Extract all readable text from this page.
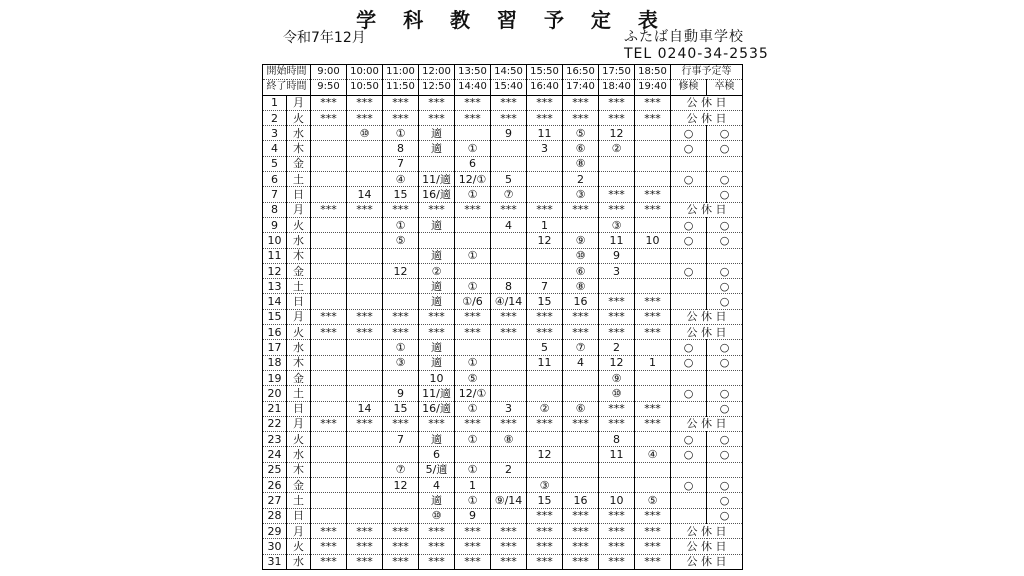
学 科 教 習 予 定 表
令和7年12月	ふたば自動車学校
TEL 0240-34-2535
開始時間		9:00	10:00	11:00	12:00	13:50	14:50	15:50	16:50	17:50	18:50	行事予定等	
終了時間		9:50	10:50	11:50	12:50	14:40	15:40	16:40	17:40	18:40	19:40	修検	卒検
1	月	***	***	***	***	***	***	***	***	***	***	公 休 日	
2	火	***	***	***	***	***	***	***	***	***	***	公 休 日	
3	水		⑩	①	適		9	11	⑤	12		○	○
4	木			8	適	①		3	⑥	②		○	○
5	金			7		6			⑧				
6	土			④	11/適	12/①	5		2			○	○
7	日		14	15	16/適	①	⑦		③	***	***		○
8	月	***	***	***	***	***	***	***	***	***	***	公 休 日	
9	火			①	適		4	1		③		○	○
10	水			⑤				12	⑨	11	10	○	○
11	木				適	①			⑩	9			
12	金			12	②				⑥	3		○	○
13	土				適	①	8	7	⑧				○
14	日				適	①/6	④/14	15	16	***	***		○
15	月	***	***	***	***	***	***	***	***	***	***	公 休 日	
16	火	***	***	***	***	***	***	***	***	***	***	公 休 日	
17	水			①	適			5	⑦	2		○	○
18	木			③	適	①		11	4	12	1	○	○
19	金				10	⑤				⑨			
20	土			9	11/適	12/①				⑩		○	○
21	日		14	15	16/適	①	3	②	⑥	***	***		○
22	月	***	***	***	***	***	***	***	***	***	***	公 休 日	
23	火			7	適	①	⑧			8		○	○
24	水				6			12		11	④	○	○
25	木			⑦	5/適	①	2						
26	金			12	4	1		③				○	○
27	土				適	①	⑨/14	15	16	10	⑤		○
28	日				⑩	9		***	***	***	***		○
29	月	***	***	***	***	***	***	***	***	***	***	公 休 日	
30	火	***	***	***	***	***	***	***	***	***	***	公 休 日	
31	水	***	***	***	***	***	***	***	***	***	***	公 休 日	
